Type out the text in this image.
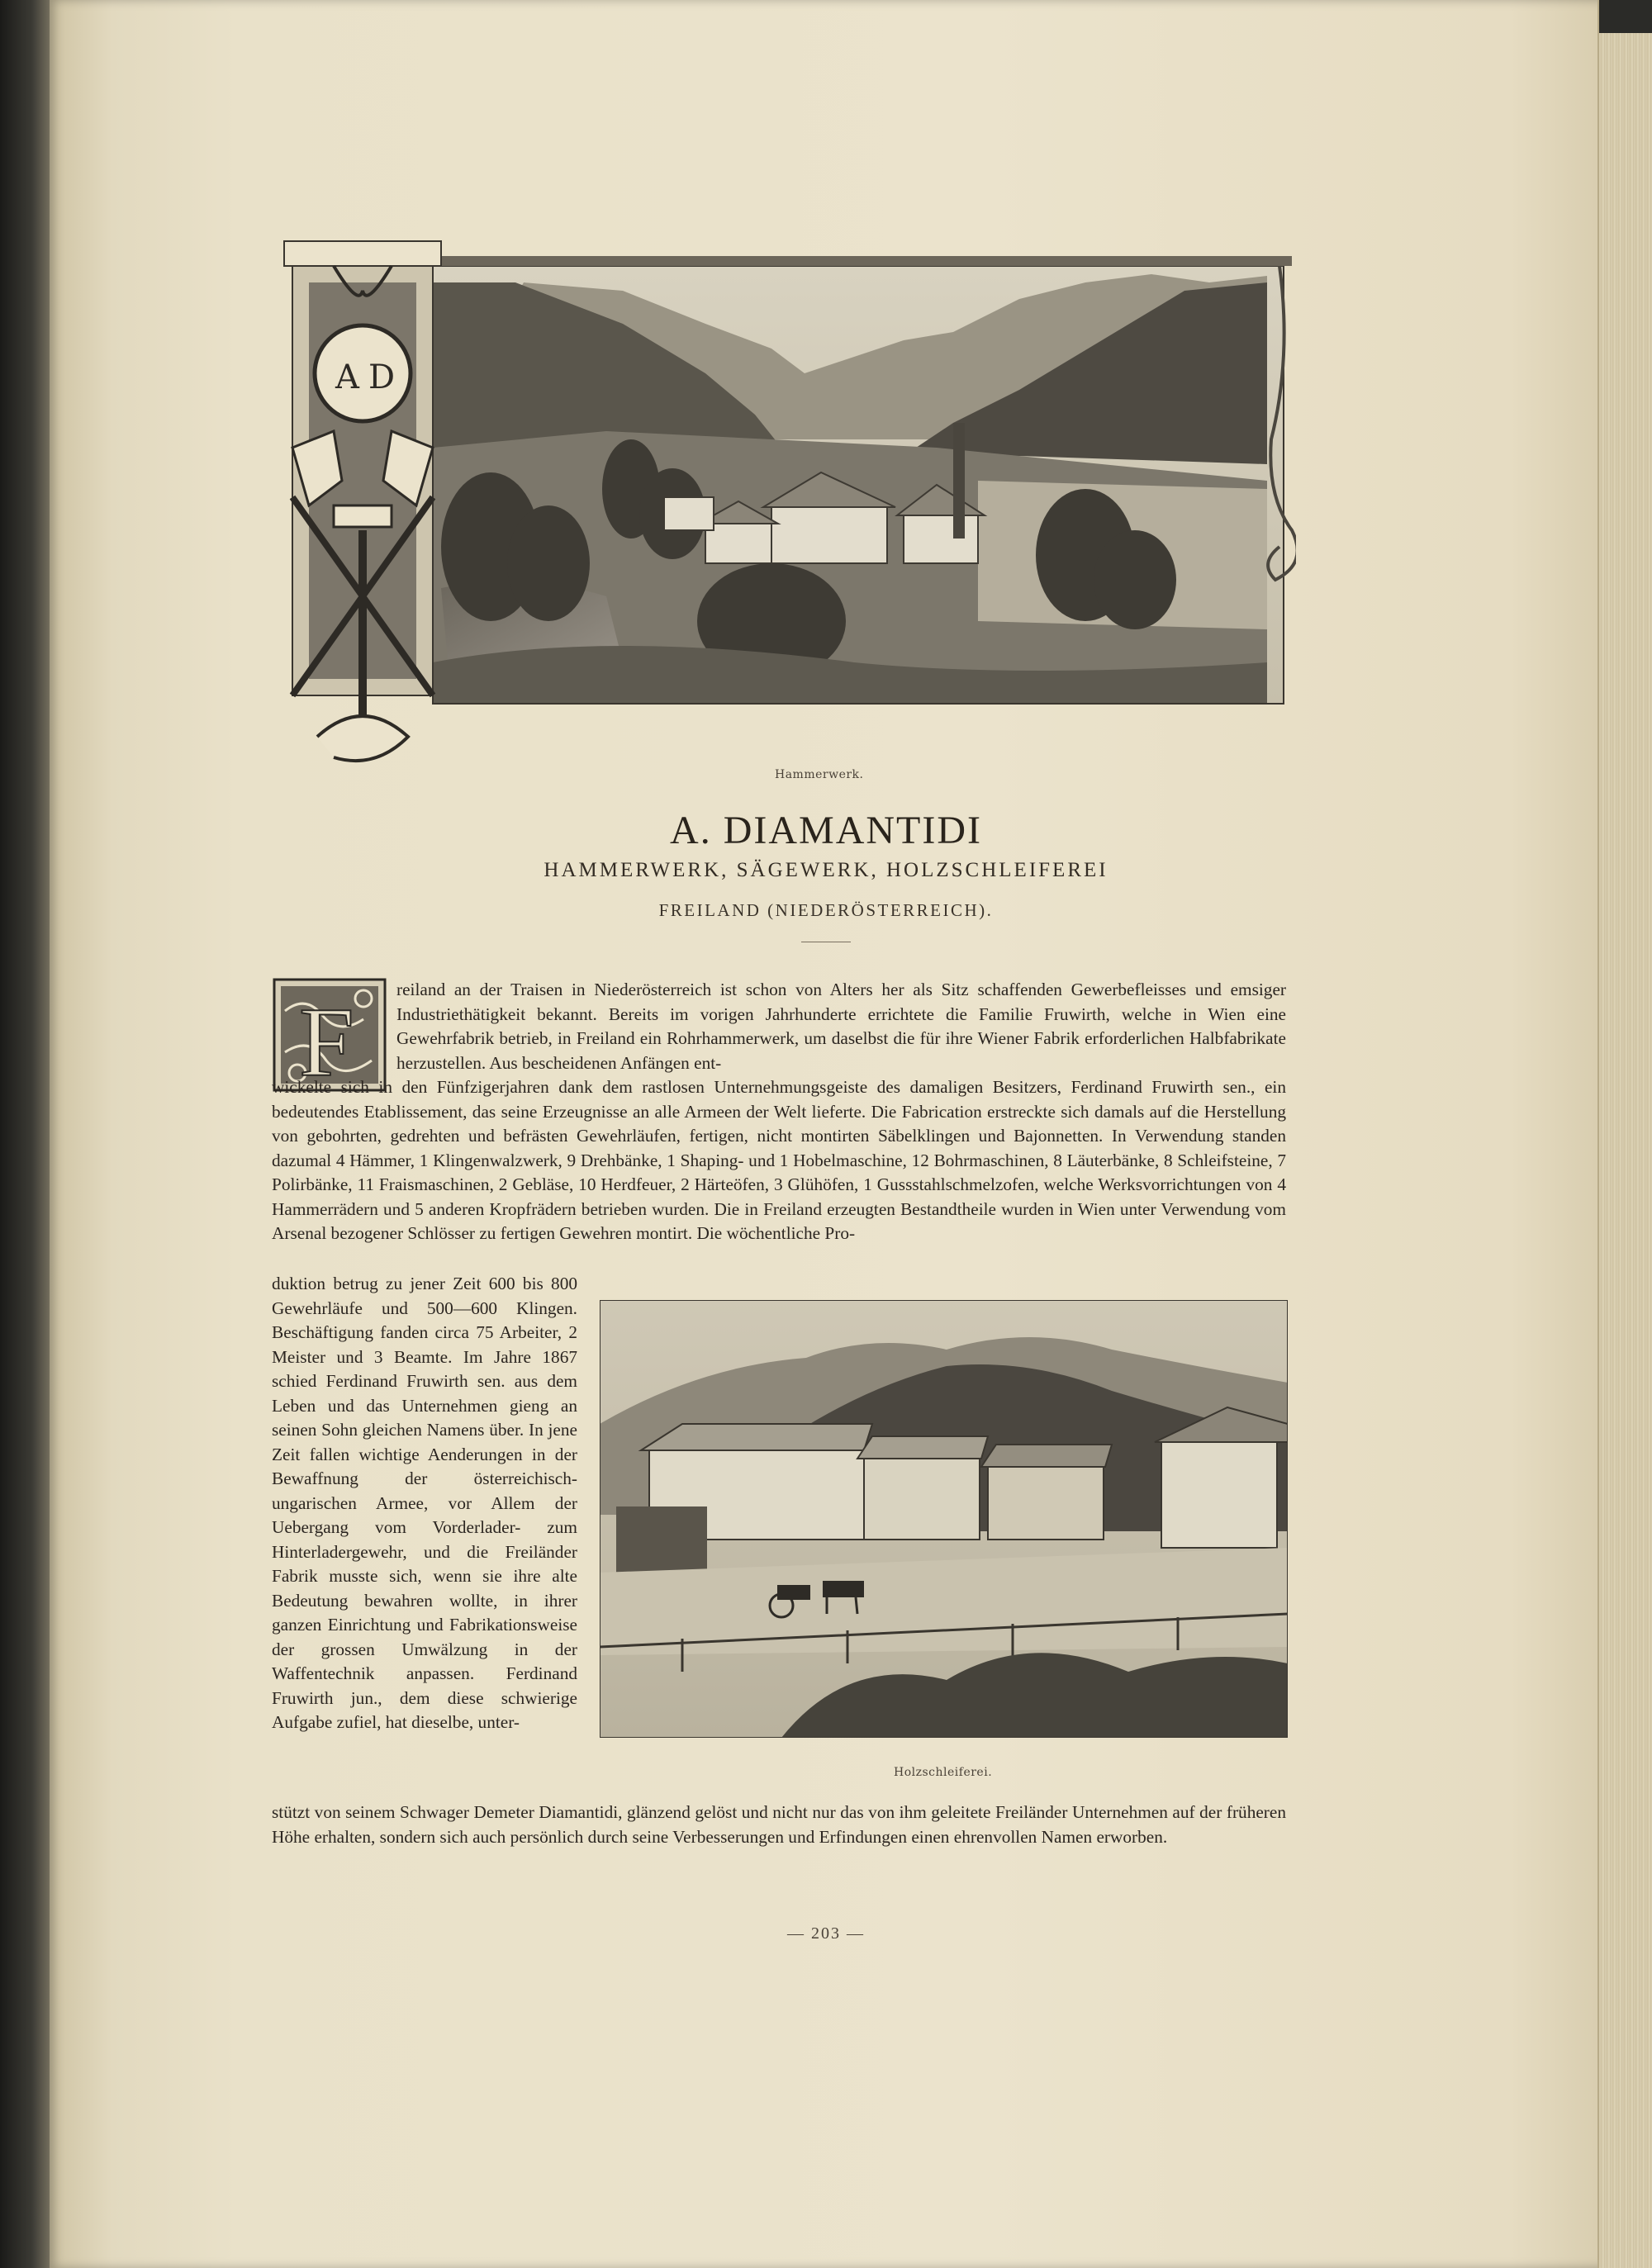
A D
Hammerwerk.
A. DIAMANTIDI
HAMMERWERK, SÄGEWERK, HOLZSCHLEIFEREI
FREILAND (NIEDERÖSTERREICH).
F reiland an der Traisen in Niederösterreich ist schon von Alters her als Sitz schaffenden Gewerbefleisses und emsiger Industriethätigkeit bekannt. Bereits im vorigen Jahrhunderte errichtete die Familie Fruwirth, welche in Wien eine Gewehrfabrik betrieb, in Freiland ein Rohrhammerwerk, um daselbst die für ihre Wiener Fabrik erforderlichen Halbfabrikate herzustellen. Aus bescheidenen Anfängen ent-

wickelte sich in den Fünfzigerjahren dank dem rastlosen Unternehmungsgeiste des damaligen Besitzers, Ferdinand Fruwirth sen., ein bedeutendes Etablissement, das seine Erzeugnisse an alle Armeen der Welt lieferte. Die Fabrication erstreckte sich damals auf die Herstellung von gebohrten, gedrehten und befrästen Gewehrläufen, fertigen, nicht montirten Säbelklingen und Bajonnetten. In Verwendung standen dazumal 4 Hämmer, 1 Klingenwalzwerk, 9 Drehbänke, 1 Shaping- und 1 Hobelmaschine, 12 Bohrmaschinen, 8 Läuterbänke, 8 Schleifsteine, 7 Polirbänke, 11 Fraismaschinen, 2 Gebläse, 10 Herdfeuer, 2 Härteöfen, 3 Glühöfen, 1 Gussstahlschmelzofen, welche Werksvorrichtungen von 4 Hammerrädern und 5 anderen Kropfrädern betrieben wurden. Die in Freiland erzeugten Bestandtheile wurden in Wien unter Verwendung vom Arsenal bezogener Schlösser zu fertigen Gewehren montirt. Die wöchentliche Pro-

duktion betrug zu jener Zeit 600 bis 800 Gewehrläufe und 500—600 Klingen. Beschäftigung fanden circa 75 Arbeiter, 2 Meister und 3 Beamte. Im Jahre 1867 schied Ferdinand Fruwirth sen. aus dem Leben und das Unternehmen gieng an seinen Sohn gleichen Namens über. In jene Zeit fallen wichtige Aenderungen in der Bewaffnung der österreichisch-ungarischen Armee, vor Allem der Uebergang vom Vorderlader- zum Hinterladergewehr, und die Freiländer Fabrik musste sich, wenn sie ihre alte Bedeutung bewahren wollte, in ihrer ganzen Einrichtung und Fabrikationsweise der grossen Umwälzung in der Waffentechnik anpassen. Ferdinand Fruwirth jun., dem diese schwierige Aufgabe zufiel, hat dieselbe, unter-

Holzschleiferei.

stützt von seinem Schwager Demeter Diamantidi, glänzend gelöst und nicht nur das von ihm geleitete Freiländer Unternehmen auf der früheren Höhe erhalten, sondern sich auch persönlich durch seine Verbesserungen und Erfindungen einen ehrenvollen Namen erworben.

— 203 —
